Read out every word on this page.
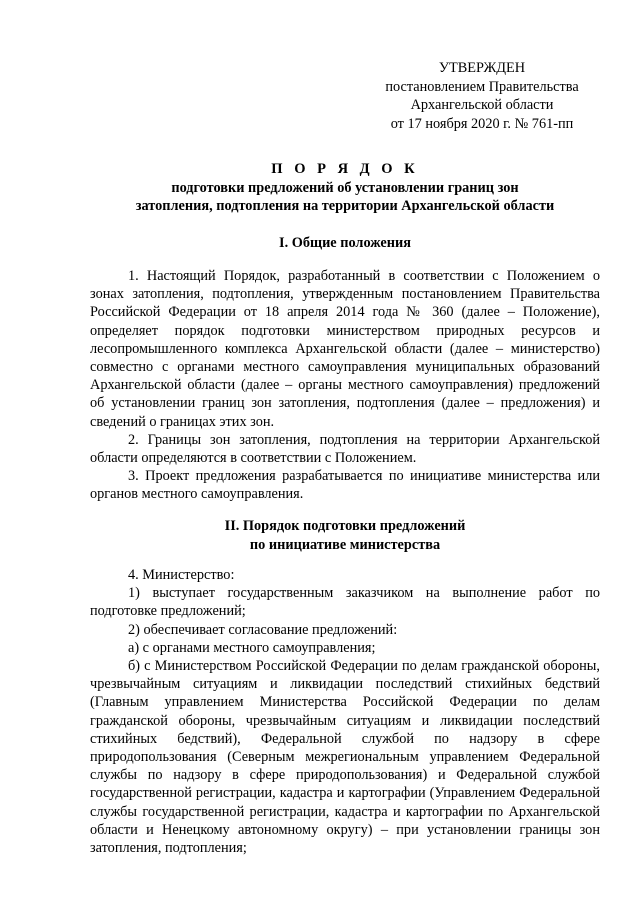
УТВЕРЖДЕН
постановлением Правительства
Архангельской области
от 17 ноября 2020 г. № 761-пп
П О Р Я Д О К
подготовки предложений об установлении границ зон
затопления, подтопления на территории Архангельской области
I. Общие положения

1. Настоящий Порядок, разработанный в соответствии с Положением о зонах затопления, подтопления, утвержденным постановлением Правительства Российской Федерации от 18 апреля 2014 года № 360 (далее – Положение), определяет порядок подготовки министерством природных ресурсов и лесопромышленного комплекса Архангельской области (далее – министерство) совместно с органами местного самоуправления муниципальных образований Архангельской области (далее – органы местного самоуправления) предложений об установлении границ зон затопления, подтопления (далее – предложения) и сведений о границах этих зон.

2. Границы зон затопления, подтопления на территории Архангельской области определяются в соответствии с Положением.

3. Проект предложения разрабатывается по инициативе министерства или органов местного самоуправления.

II. Порядок подготовки предложений
по инициативе министерства

4. Министерство:

1) выступает государственным заказчиком на выполнение работ по подготовке предложений;

2) обеспечивает согласование предложений:

а) с органами местного самоуправления;

б) с Министерством Российской Федерации по делам гражданской обороны, чрезвычайным ситуациям и ликвидации последствий стихийных бедствий (Главным управлением Министерства Российской Федерации по делам гражданской обороны, чрезвычайным ситуациям и ликвидации последствий стихийных бедствий), Федеральной службой по надзору в сфере природопользования (Северным межрегиональным управлением Федеральной службы по надзору в сфере природопользования) и Федеральной службой государственной регистрации, кадастра и картографии (Управлением Федеральной службы государственной регистрации, кадастра и картографии по Архангельской области и Ненецкому автономному округу) – при установлении границы зон затопления, подтопления;
